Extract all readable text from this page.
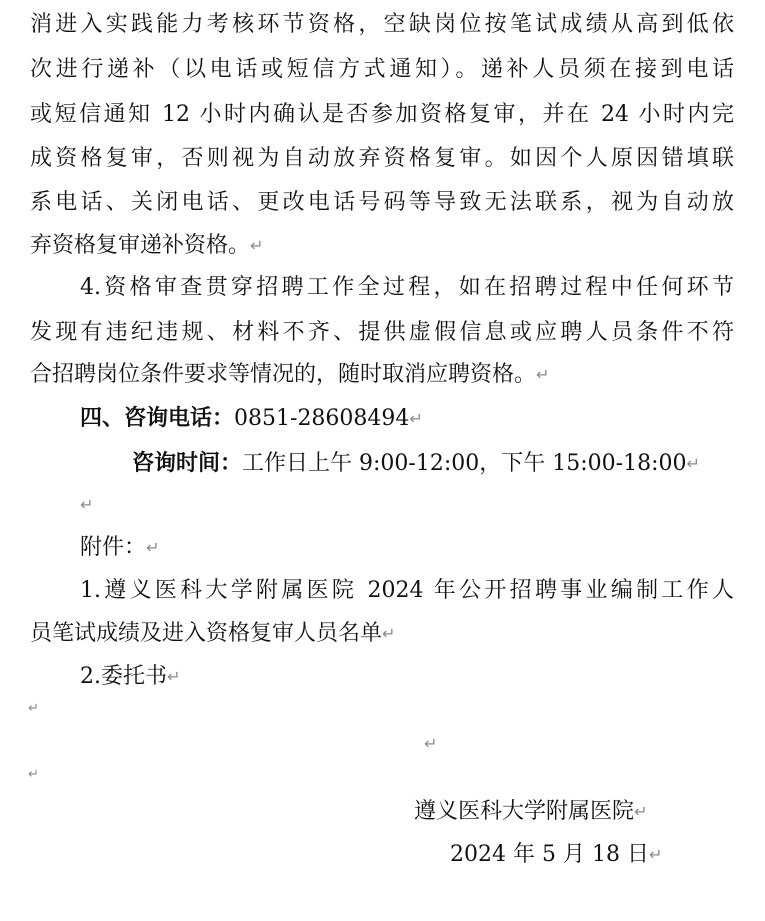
消进入实践能力考核环节资格，空缺岗位按笔试成绩从高到低依
次进行递补（以电话或短信方式通知）。递补人员须在接到电话
或短信通知 12 小时内确认是否参加资格复审，并在 24 小时内完
成资格复审，否则视为自动放弃资格复审。如因个人原因错填联
系电话、关闭电话、更改电话号码等导致无法联系，视为自动放
弃资格复审递补资格。↵
4.资格审查贯穿招聘工作全过程，如在招聘过程中任何环节
发现有违纪违规、材料不齐、提供虚假信息或应聘人员条件不符
合招聘岗位条件要求等情况的，随时取消应聘资格。↵
四、咨询电话：0851-28608494↵
咨询时间：工作日上午 9:00-12:00，下午 15:00-18:00↵
↵
附件：↵
1.遵义医科大学附属医院 2024 年公开招聘事业编制工作人
员笔试成绩及进入资格复审人员名单↵
2.委托书↵
↵
↵
↵
遵义医科大学附属医院↵
2024 年 5 月 18 日↵
